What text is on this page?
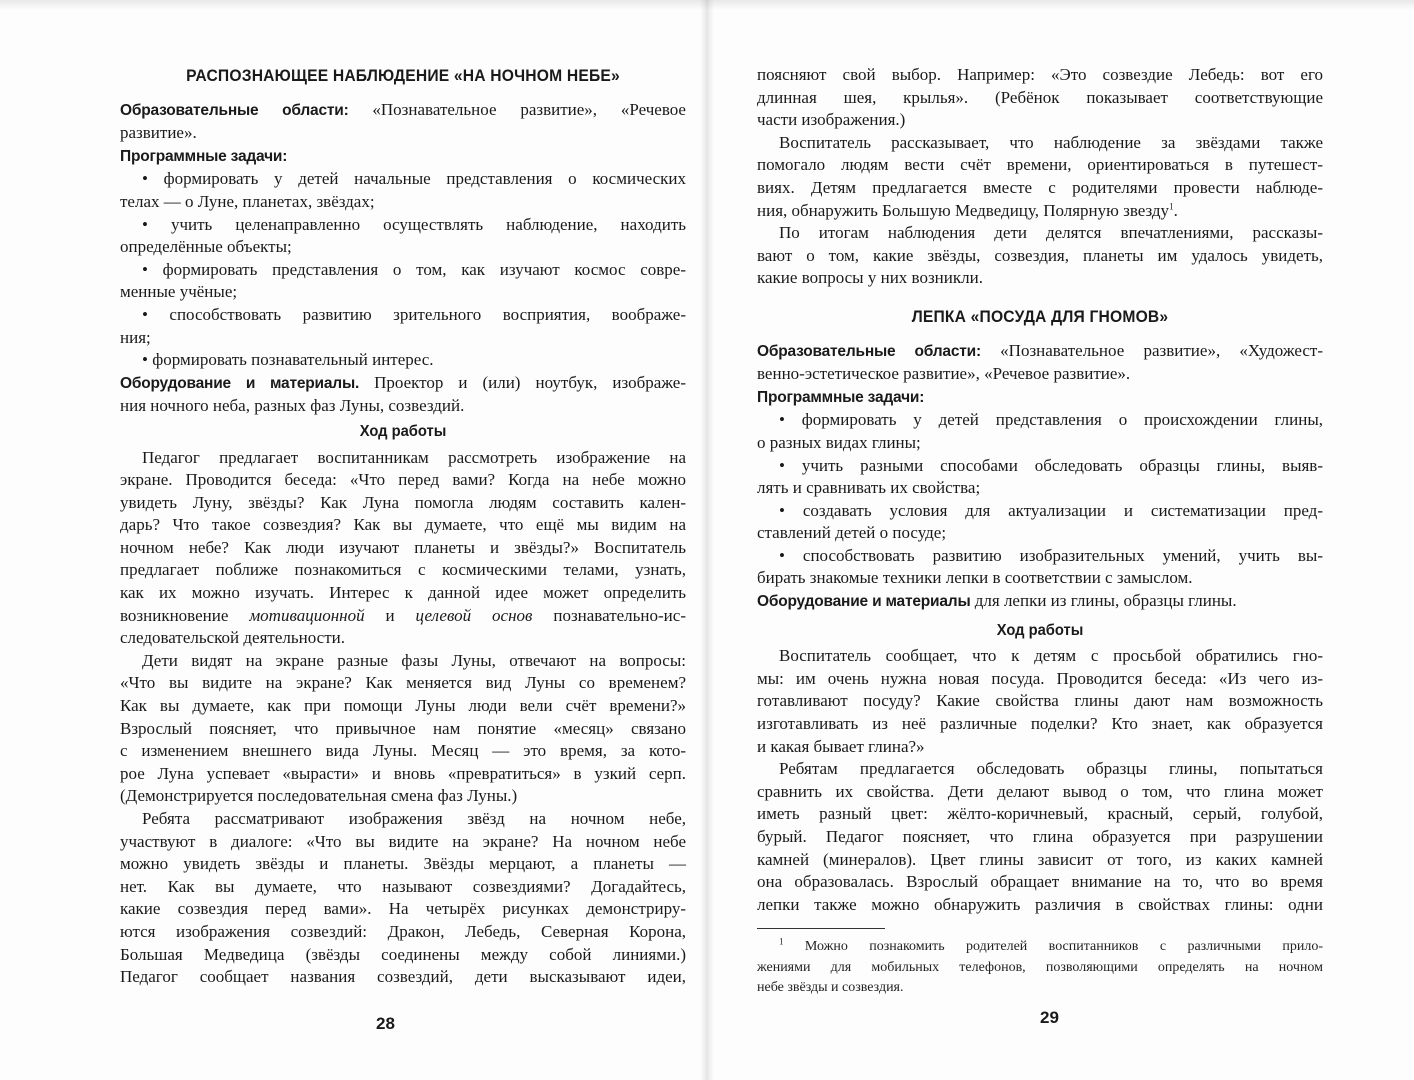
РАСПОЗНАЮЩЕЕ НАБЛЮДЕНИЕ «НА НОЧНОМ НЕБЕ»
Образовательные области: «Познавательное развитие», «Речевое
развитие».
Программные задачи:
• формировать у детей начальные представления о космических
телах — о Луне, планетах, звёздах;
• учить целенаправленно осуществлять наблюдение, находить
определённые объекты;
• формировать представления о том, как изучают космос совре-
менные учёные;
• способствовать развитию зрительного восприятия, воображе-
ния;
• формировать познавательный интерес.
Оборудование и материалы. Проектор и (или) ноутбук, изображе-
ния ночного неба, разных фаз Луны, созвездий.
Ход работы
Педагог предлагает воспитанникам рассмотреть изображение на
экране. Проводится беседа: «Что перед вами? Когда на небе можно
увидеть Луну, звёзды? Как Луна помогла людям составить кален-
дарь? Что такое созвездия? Как вы думаете, что ещё мы видим на
ночном небе? Как люди изучают планеты и звёзды?» Воспитатель
предлагает поближе познакомиться с космическими телами, узнать,
как их можно изучать. Интерес к данной идее может определить
возникновение мотивационной и целевой основ познавательно-ис-
следовательской деятельности.
Дети видят на экране разные фазы Луны, отвечают на вопросы:
«Что вы видите на экране? Как меняется вид Луны со временем?
Как вы думаете, как при помощи Луны люди вели счёт времени?»
Взрослый поясняет, что привычное нам понятие «месяц» связано
с изменением внешнего вида Луны. Месяц — это время, за кото-
рое Луна успевает «вырасти» и вновь «превратиться» в узкий серп.
(Демонстрируется последовательная смена фаз Луны.)
Ребята рассматривают изображения звёзд на ночном небе,
участвуют в диалоге: «Что вы видите на экране? На ночном небе
можно увидеть звёзды и планеты. Звёзды мерцают, а планеты —
нет. Как вы думаете, что называют созвездиями? Догадайтесь,
какие созвездия перед вами». На четырёх рисунках демонстриру-
ются изображения созвездий: Дракон, Лебедь, Северная Корона,
Большая Медведица (звёзды соединены между собой линиями.)
Педагог сообщает названия созвездий, дети высказывают идеи,
28
поясняют свой выбор. Например: «Это созвездие Лебедь: вот его
длинная шея, крылья». (Ребёнок показывает соответствующие
части изображения.)
Воспитатель рассказывает, что наблюдение за звёздами также
помогало людям вести счёт времени, ориентироваться в путешест-
виях. Детям предлагается вместе с родителями провести наблюде-
ния, обнаружить Большую Медведицу, Полярную звезду$^1$.
По итогам наблюдения дети делятся впечатлениями, рассказы-
вают о том, какие звёзды, созвездия, планеты им удалось увидеть,
какие вопросы у них возникли.
ЛЕПКА «ПОСУДА ДЛЯ ГНОМОВ»
Образовательные области: «Познавательное развитие», «Художест-
венно-эстетическое развитие», «Речевое развитие».
Программные задачи:
• формировать у детей представления о происхождении глины,
о разных видах глины;
• учить разными способами обследовать образцы глины, выяв-
лять и сравнивать их свойства;
• создавать условия для актуализации и систематизации пред-
ставлений детей о посуде;
• способствовать развитию изобразительных умений, учить вы-
бирать знакомые техники лепки в соответствии с замыслом.
Оборудование и материалы для лепки из глины, образцы глины.
Ход работы
Воспитатель сообщает, что к детям с просьбой обратились гно-
мы: им очень нужна новая посуда. Проводится беседа: «Из чего из-
готавливают посуду? Какие свойства глины дают нам возможность
изготавливать из неё различные поделки? Кто знает, как образуется
и какая бывает глина?»
Ребятам предлагается обследовать образцы глины, попытаться
сравнить их свойства. Дети делают вывод о том, что глина может
иметь разный цвет: жёлто-коричневый, красный, серый, голубой,
бурый. Педагог поясняет, что глина образуется при разрушении
камней (минералов). Цвет глины зависит от того, из каких камней
она образовалась. Взрослый обращает внимание на то, что во время
лепки также можно обнаружить различия в свойствах глины: одни
$^1$ Можно познакомить родителей воспитанников с различными прило-
жениями для мобильных телефонов, позволяющими определять на ночном
небе звёзды и созвездия.
29
